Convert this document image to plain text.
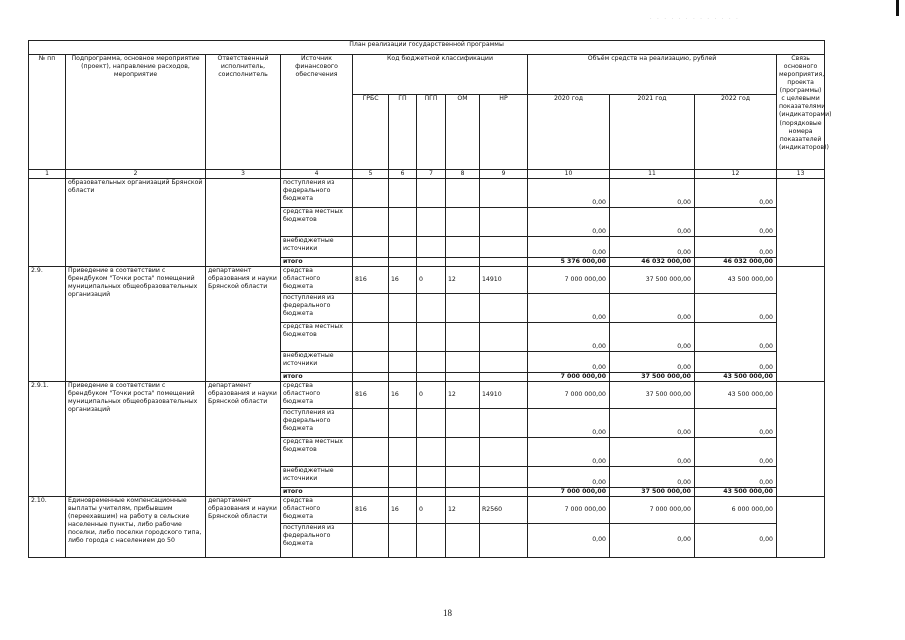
· · · · · · · · · · · · ·
План реализации государственной программы												
№ пп	Подпрограмма, основное мероприятие (проект), направление расходов, мероприятие	Ответственный исполнитель, соисполнитель	Источник финансового обеспечения	Код бюджетной классификации					Объём средств на реализацию, рублей			Связь основного мероприятия, проекта (программы) с целевыми показателями (индикаторами) (порядковые номера показателей (индикаторов))
				ГРБС	ГП	ПГП	ОМ	НР	2020 год	2021 год	2022 год	
1	2	3	4	5	6	7	8	9	10	11	12	13
	образовательных организаций Брянской области		поступления из федерального бюджета						0,00	0,00	0,00	
			средства местных бюджетов						0,00	0,00	0,00	
			внебюджетные источники						0,00	0,00	0,00	
			итого						5 376 000,00	46 032 000,00	46 032 000,00	
2.9.	Приведение в соответствии с брендбуком "Точки роста" помещений муниципальных общеобразовательных организаций	департамент образования и науки Брянской области	средства областного бюджета	816	16	0	12	14910	7 000 000,00	37 500 000,00	43 500 000,00	
			поступления из федерального бюджета						0,00	0,00	0,00	
			средства местных бюджетов						0,00	0,00	0,00	
			внебюджетные источники						0,00	0,00	0,00	
			итого						7 000 000,00	37 500 000,00	43 500 000,00	
2.9.1.	Приведение в соответствии с брендбуком "Точки роста" помещений муниципальных общеобразовательных организаций	департамент образования и науки Брянской области	средства областного бюджета	816	16	0	12	14910	7 000 000,00	37 500 000,00	43 500 000,00	
			поступления из федерального бюджета						0,00	0,00	0,00	
			средства местных бюджетов						0,00	0,00	0,00	
			внебюджетные источники						0,00	0,00	0,00	
			итого						7 000 000,00	37 500 000,00	43 500 000,00	
2.10.	Единовременные компенсационные выплаты учителям, прибывшим (переехавшим) на работу в сельские населенные пункты, либо рабочие поселки, либо поселки городского типа, либо города с населением до 50	департамент образования и науки Брянской области	средства областного бюджета	816	16	0	12	R2560	7 000 000,00	7 000 000,00	6 000 000,00	
			поступления из федерального бюджета						0,00	0,00	0,00	
18
